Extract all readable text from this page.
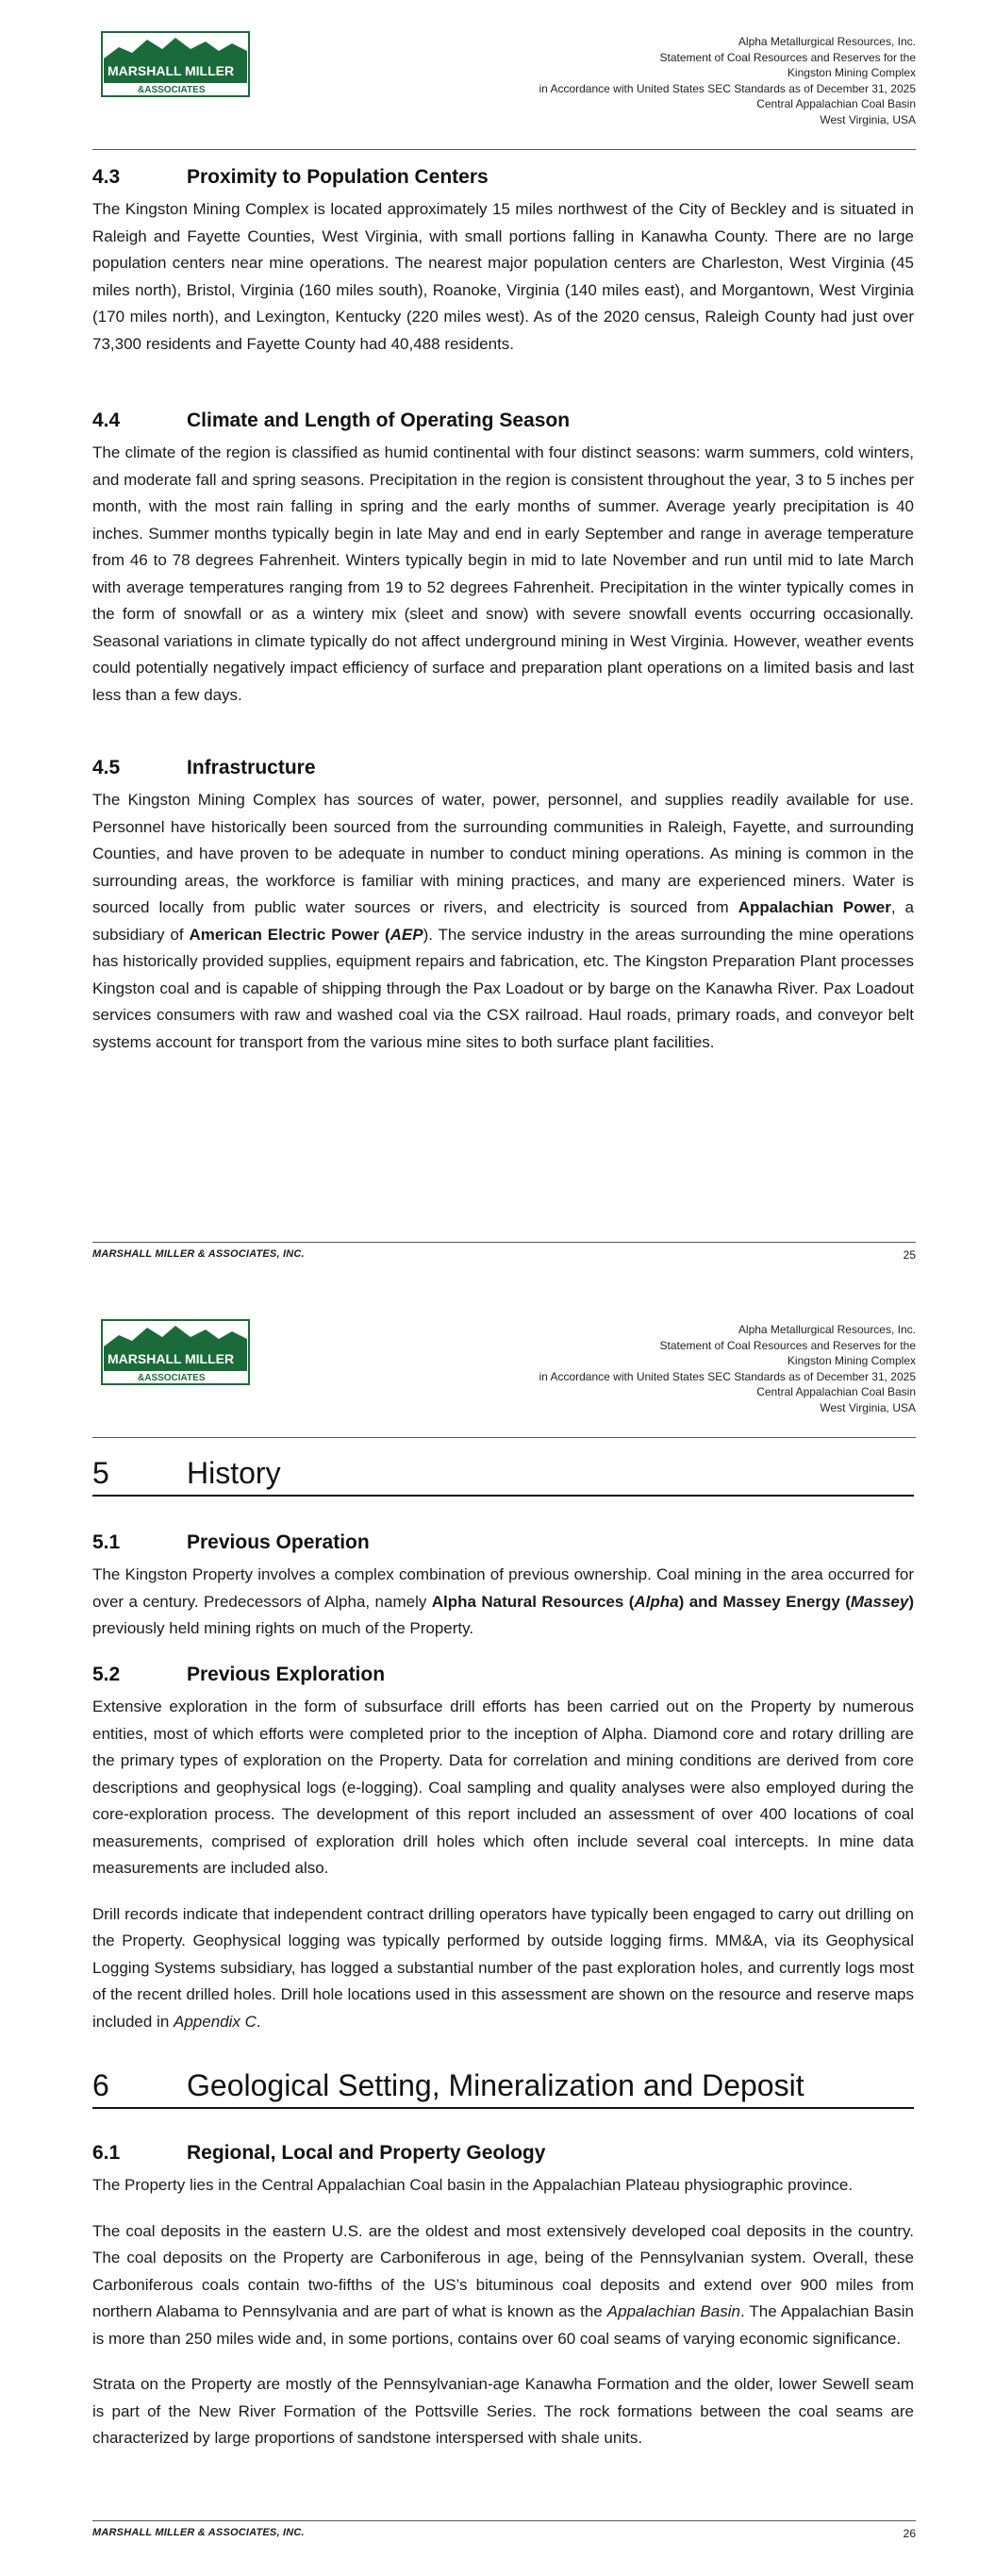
MARSHALL MILLER
&ASSOCIATES
Alpha Metallurgical Resources, Inc.
Statement of Coal Resources and Reserves for the
Kingston Mining Complex
in Accordance with United States SEC Standards as of December 31, 2025
Central Appalachian Coal Basin
West Virginia, USA
4.3	Proximity to Population Centers

The Kingston Mining Complex is located approximately 15 miles northwest of the City of Beckley and is situated in Raleigh and Fayette Counties, West Virginia, with small portions falling in Kanawha County. There are no large population centers near mine operations. The nearest major population centers are Charleston, West Virginia (45 miles north), Bristol, Virginia (160 miles south), Roanoke, Virginia (140 miles east), and Morgantown, West Virginia (170 miles north), and Lexington, Kentucky (220 miles west). As of the 2020 census, Raleigh County had just over 73,300 residents and Fayette County had 40,488 residents.

4.4	Climate and Length of Operating Season

The climate of the region is classified as humid continental with four distinct seasons: warm summers, cold winters, and moderate fall and spring seasons. Precipitation in the region is consistent throughout the year, 3 to 5 inches per month, with the most rain falling in spring and the early months of summer. Average yearly precipitation is 40 inches. Summer months typically begin in late May and end in early September and range in average temperature from 46 to 78 degrees Fahrenheit. Winters typically begin in mid to late November and run until mid to late March with average temperatures ranging from 19 to 52 degrees Fahrenheit. Precipitation in the winter typically comes in the form of snowfall or as a wintery mix (sleet and snow) with severe snowfall events occurring occasionally. Seasonal variations in climate typically do not affect underground mining in West Virginia. However, weather events could potentially negatively impact efficiency of surface and preparation plant operations on a limited basis and last less than a few days.

4.5	Infrastructure

The Kingston Mining Complex has sources of water, power, personnel, and supplies readily available for use. Personnel have historically been sourced from the surrounding communities in Raleigh, Fayette, and surrounding Counties, and have proven to be adequate in number to conduct mining operations. As mining is common in the surrounding areas, the workforce is familiar with mining practices, and many are experienced miners. Water is sourced locally from public water sources or rivers, and electricity is sourced from Appalachian Power, a subsidiary of American Electric Power (AEP). The service industry in the areas surrounding the mine operations has historically provided supplies, equipment repairs and fabrication, etc. The Kingston Preparation Plant processes Kingston coal and is capable of shipping through the Pax Loadout or by barge on the Kanawha River. Pax Loadout services consumers with raw and washed coal via the CSX railroad. Haul roads, primary roads, and conveyor belt systems account for transport from the various mine sites to both surface plant facilities.

MARSHALL MILLER & ASSOCIATES, INC.	25
MARSHALL MILLER
&ASSOCIATES
Alpha Metallurgical Resources, Inc.
Statement of Coal Resources and Reserves for the
Kingston Mining Complex
in Accordance with United States SEC Standards as of December 31, 2025
Central Appalachian Coal Basin
West Virginia, USA
5	History
5.1	Previous Operation

The Kingston Property involves a complex combination of previous ownership. Coal mining in the area occurred for over a century. Predecessors of Alpha, namely Alpha Natural Resources (Alpha) and Massey Energy (Massey) previously held mining rights on much of the Property.

5.2	Previous Exploration

Extensive exploration in the form of subsurface drill efforts has been carried out on the Property by numerous entities, most of which efforts were completed prior to the inception of Alpha. Diamond core and rotary drilling are the primary types of exploration on the Property. Data for correlation and mining conditions are derived from core descriptions and geophysical logs (e-logging). Coal sampling and quality analyses were also employed during the core-exploration process. The development of this report included an assessment of over 400 locations of coal measurements, comprised of exploration drill holes which often include several coal intercepts. In mine data measurements are included also.

Drill records indicate that independent contract drilling operators have typically been engaged to carry out drilling on the Property. Geophysical logging was typically performed by outside logging firms. MM&A, via its Geophysical Logging Systems subsidiary, has logged a substantial number of the past exploration holes, and currently logs most of the recent drilled holes. Drill hole locations used in this assessment are shown on the resource and reserve maps included in Appendix C.

6	Geological Setting, Mineralization and Deposit
6.1	Regional, Local and Property Geology

The Property lies in the Central Appalachian Coal basin in the Appalachian Plateau physiographic province.

The coal deposits in the eastern U.S. are the oldest and most extensively developed coal deposits in the country. The coal deposits on the Property are Carboniferous in age, being of the Pennsylvanian system. Overall, these Carboniferous coals contain two-fifths of the US’s bituminous coal deposits and extend over 900 miles from northern Alabama to Pennsylvania and are part of what is known as the Appalachian Basin. The Appalachian Basin is more than 250 miles wide and, in some portions, contains over 60 coal seams of varying economic significance.

Strata on the Property are mostly of the Pennsylvanian-age Kanawha Formation and the older, lower Sewell seam is part of the New River Formation of the Pottsville Series. The rock formations between the coal seams are characterized by large proportions of sandstone interspersed with shale units.

MARSHALL MILLER & ASSOCIATES, INC.	26
